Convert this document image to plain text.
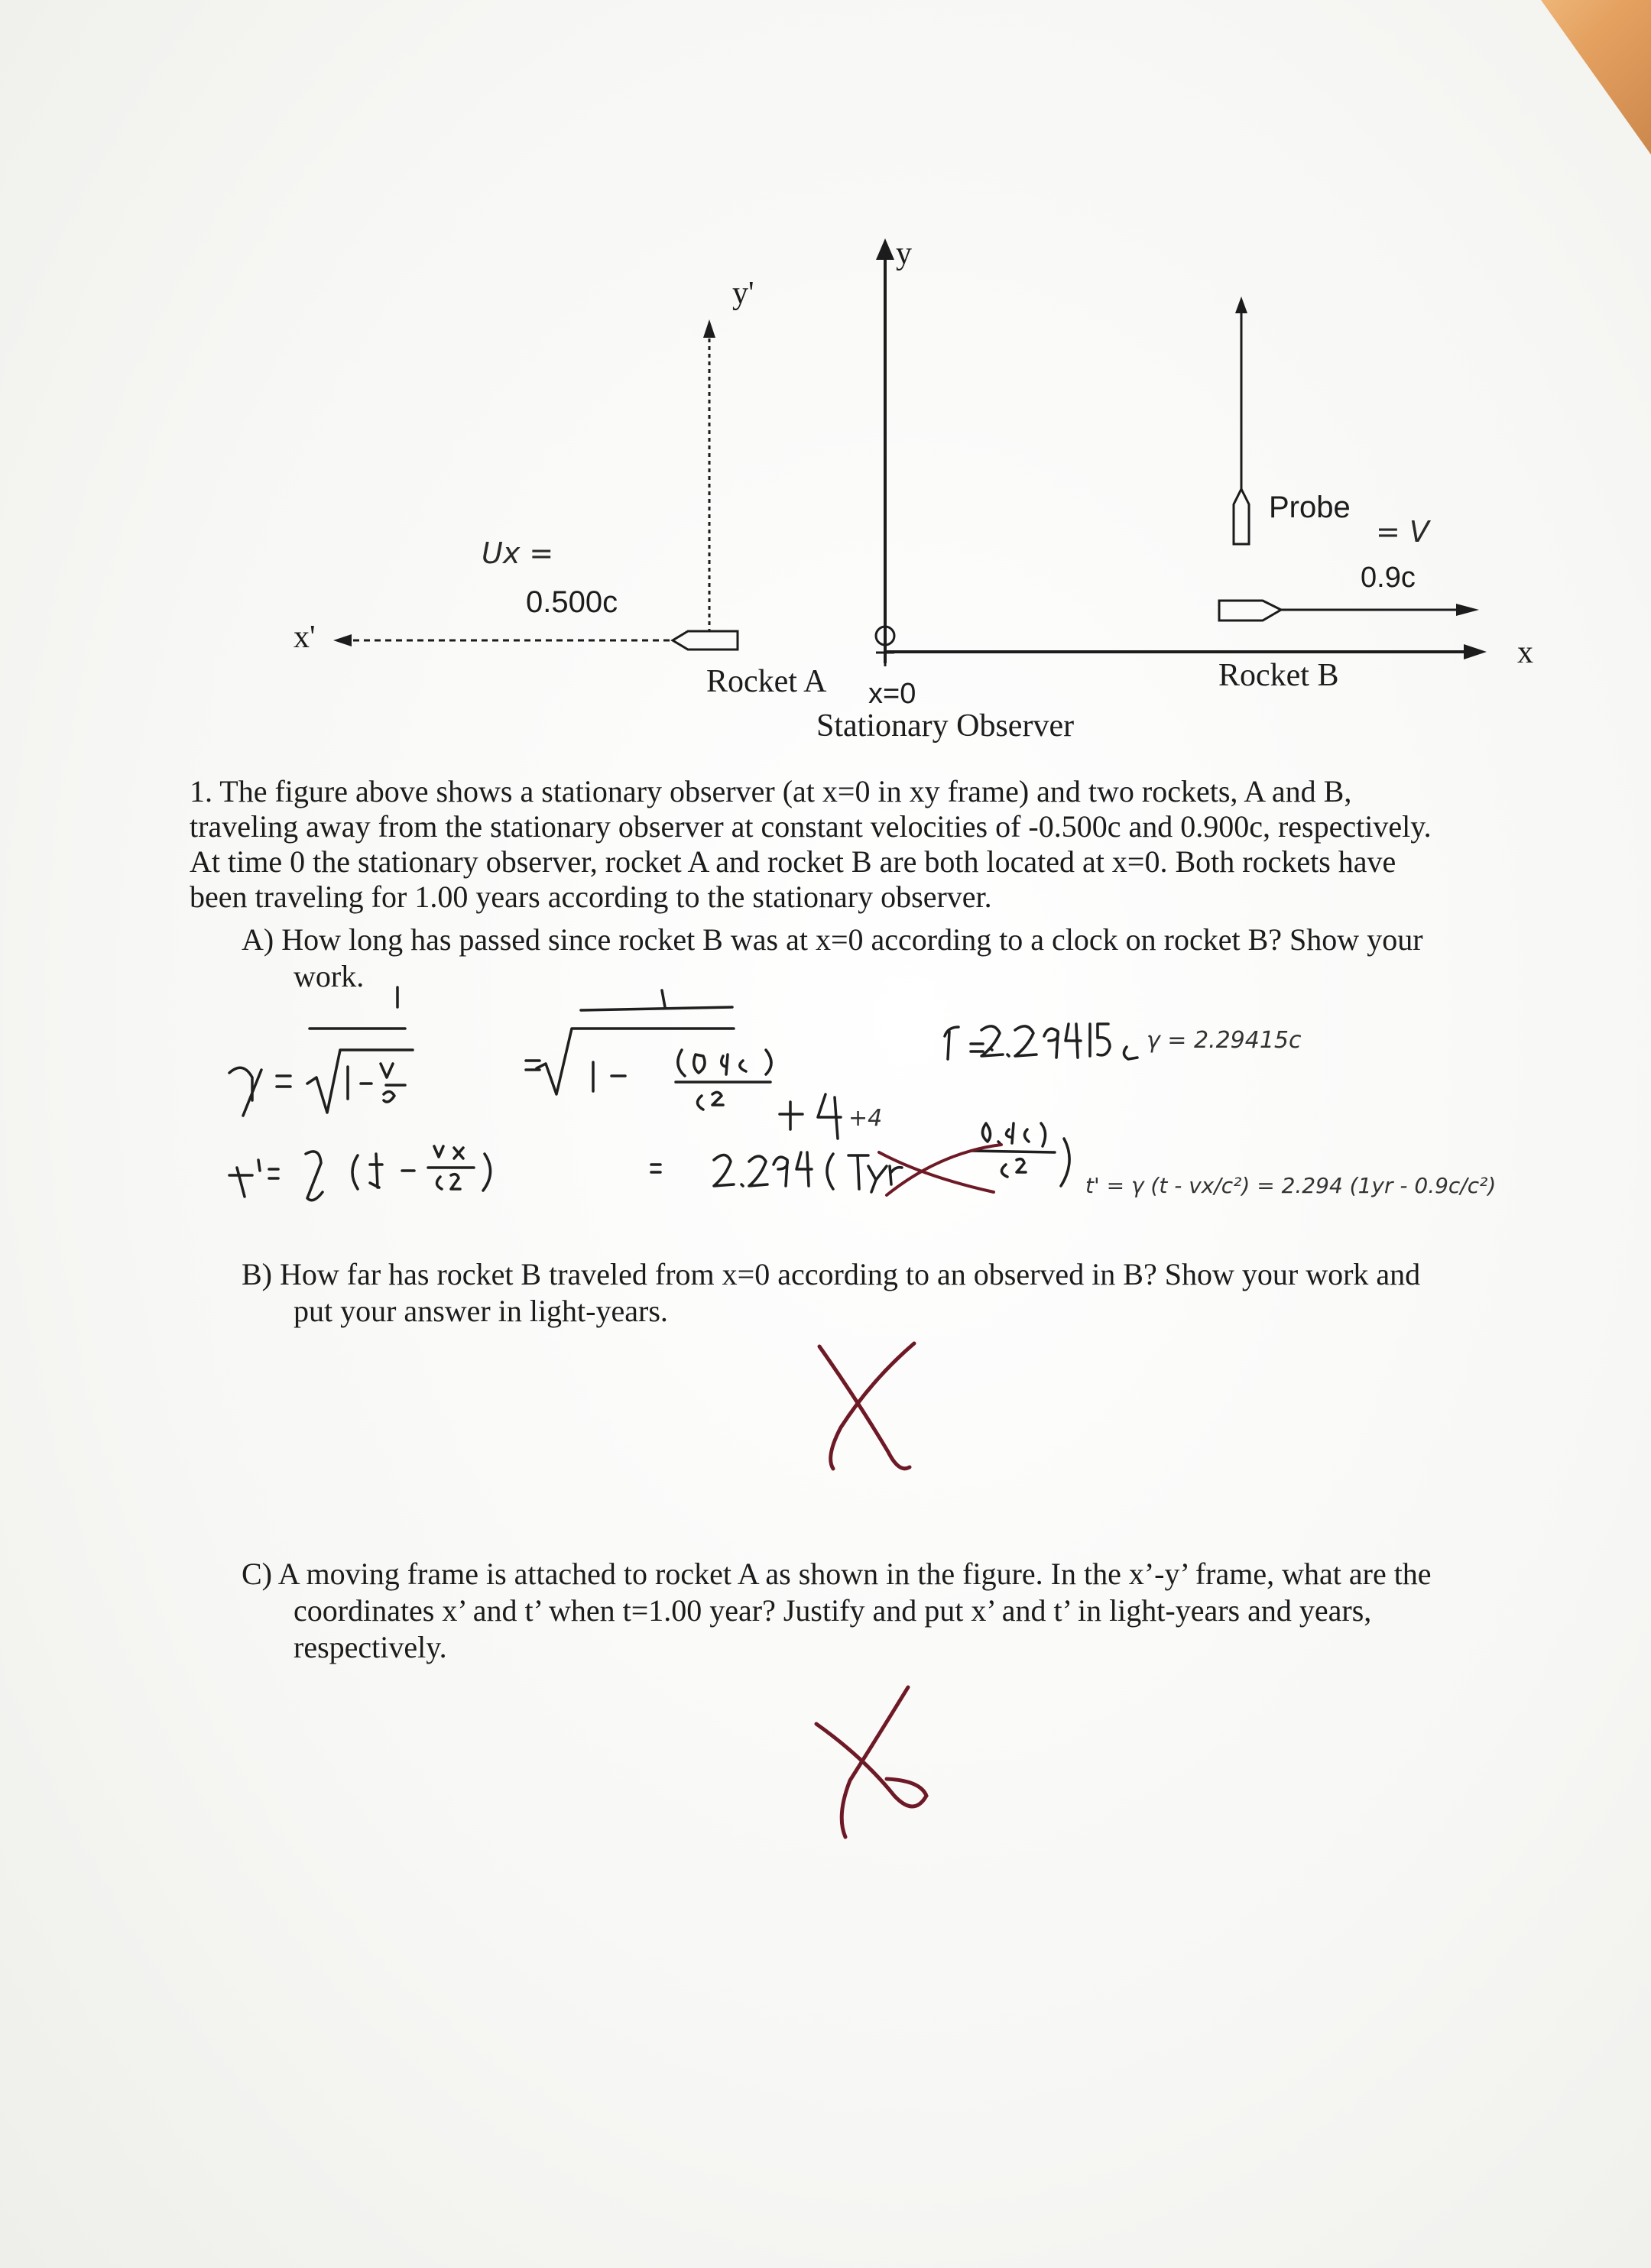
y
y'
x
x'
0.500c
Rocket A x=0
Stationary Observer
Probe
0.9c
Rocket B
Ux =
= V
1. The figure above shows a stationary observer (at x=0 in xy frame) and two rockets, A and B,
traveling away from the stationary observer at constant velocities of -0.500c and 0.900c, respectively.
At time 0 the stationary observer, rocket A and rocket B are both located at x=0. Both rockets have
been traveling for 1.00 years according to the stationary observer.
A) How long has passed since rocket B was at x=0 according to a clock on rocket B? Show your
work.
γ = 2.29415c
+4
t' = γ (t - vx/c²) = 2.294 (1yr - 0.9c/c²)
B) How far has rocket B traveled from x=0 according to an observed in B? Show your work and
put your answer in light-years.
C) A moving frame is attached to rocket A as shown in the figure. In the x’-y’ frame, what are the
coordinates x’ and t’ when t=1.00 year? Justify and put x’ and t’ in light-years and years,
respectively.
